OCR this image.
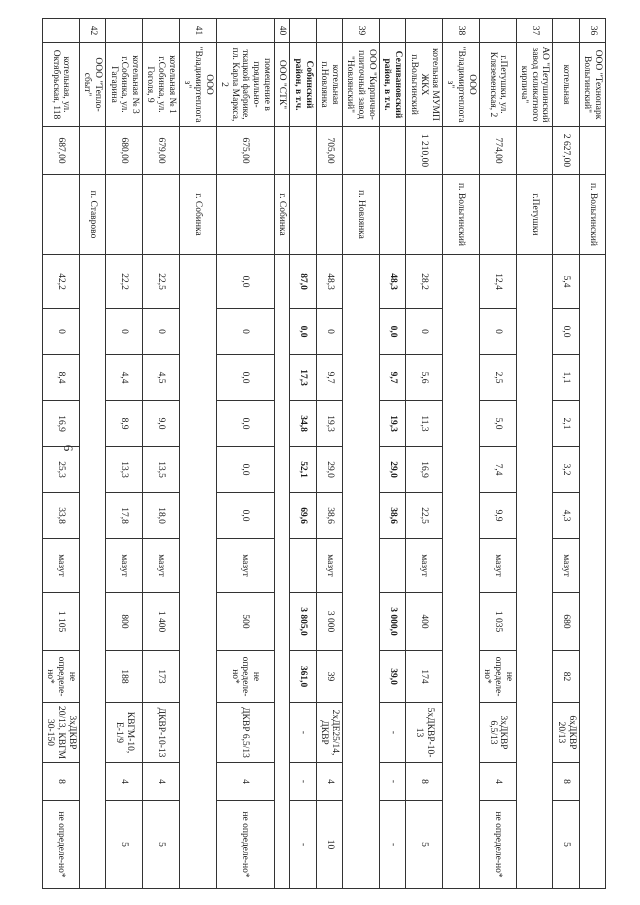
6
36	ООО "Технопарк Вольгинский"		п. Вольгинский												
	котельная	2 627,00		5,4	0,0	1,1	2,1	3,2	4,3	мазут	680	82	6xДКВР 20/13	8	5
37	АО "Петушинский завод силикатного кирпича"		г.Петушки												
	г.Петушки, ул. Кляземенская, 2	774,00		12,4	0	2,5	5,0	7,4	9,9	мазут	1 035	не определе-но*	3xДКВР 6,5/13	4	не определе-но*
38	ООО "Владимиртеплогаз"		п. Вольгинский												
	котельная МУМП ЖКХ п.Вольгинский	1 210,00		28,2	0	5,6	11,3	16,9	22,5	мазут	400	174	5xДКВР-10-13	8	5
	Селивановский район, в т.ч.			48,3	0,0	9,7	19,3	29,0	38,6		3 000,0	39,0	-	-	-
39	ООО "Кирпично-плиточный завод "Новлянский"		п. Новлянка												
	котельная п.Новлянка	705,00		48,3	0	9,7	19,3	29,0	38,6	мазут	3 000	39	2xДЕ25/14, ДКВР	4	10
	Собинский район, в т.ч.			87,0	0,0	17,3	34,8	52,1	69,6		3 805,0	361,0	-	-	-
40	ООО "СТК"		г. Собинка												
	помещение в прядильно-ткацкой фабрике, пл. Карла Маркса, 2	675,00		0,0	0	0,0	0,0	0,0	0,0	мазут	500	не определе-но*	ДКВР 6,5/13	4	не определе-но*
41	ООО "Владимиртеплогаз"		г. Собинка												
	котельная № 1 г.Собинка, ул. Гоголя, 9	679,00		22,5	0	4,5	9,0	13,5	18,0	мазут	1 400	173	ДКВР-10-13	4	5
	котельная № 3 г.Собинка, ул. Гагарина	680,00		22,2	0	4,4	8,9	13,3	17,8	мазут	800	188	КВГМ-10, Е-1/9	4	5
42	ООО "Тепло-сбыт"		п. Ставрово												
	котельная, ул. Октябрьская, 118	687,00		42,2	0	8,4	16,9	25,3	33,8	мазут	1 105	не определе-но*	3xДКВР 20/13, КВГМ 30-150	8	не определе-но*
